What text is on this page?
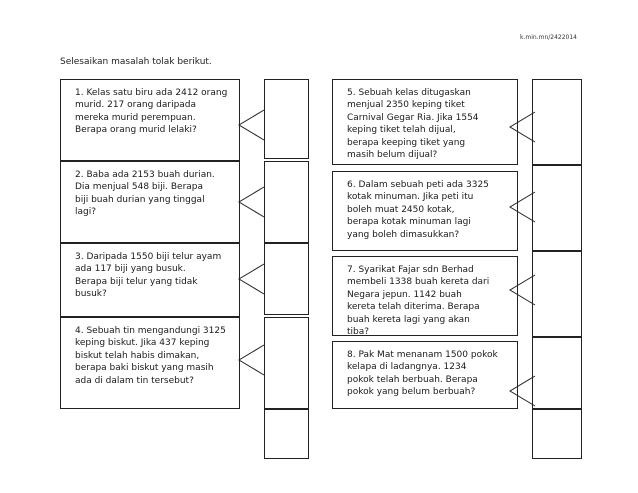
k.min.mn/2422014
Selesaikan masalah tolak berikut.
1. Kelas satu biru ada 2412 orang
murid. 217 orang daripada
mereka murid perempuan.
Berapa orang murid lelaki?
2. Baba ada 2153 buah durian.
Dia menjual 548 biji. Berapa
biji buah durian yang tinggal
lagi?
3. Daripada 1550 biji telur ayam
ada 117 biji yang busuk.
Berapa biji telur yang tidak
busuk?
4. Sebuah tin mengandungi 3125
keping biskut. Jika 437 keping
biskut telah habis dimakan,
berapa baki biskut yang masih
ada di dalam tin tersebut?
5. Sebuah kelas ditugaskan
menjual 2350 keping tiket
Carnival Gegar Ria. Jika 1554
keping tiket telah dijual,
berapa keeping tiket yang
masih belum dijual?
6. Dalam sebuah peti ada 3325
kotak minuman. Jika peti itu
boleh muat 2450 kotak,
berapa kotak minuman lagi
yang boleh dimasukkan?
7. Syarikat Fajar sdn Berhad
membeli 1338 buah kereta dari
Negara jepun. 1142 buah
kereta telah diterima. Berapa
buah kereta lagi yang akan
tiba?
8. Pak Mat menanam 1500 pokok
kelapa di ladangnya. 1234
pokok telah berbuah. Berapa
pokok yang belum berbuah?
